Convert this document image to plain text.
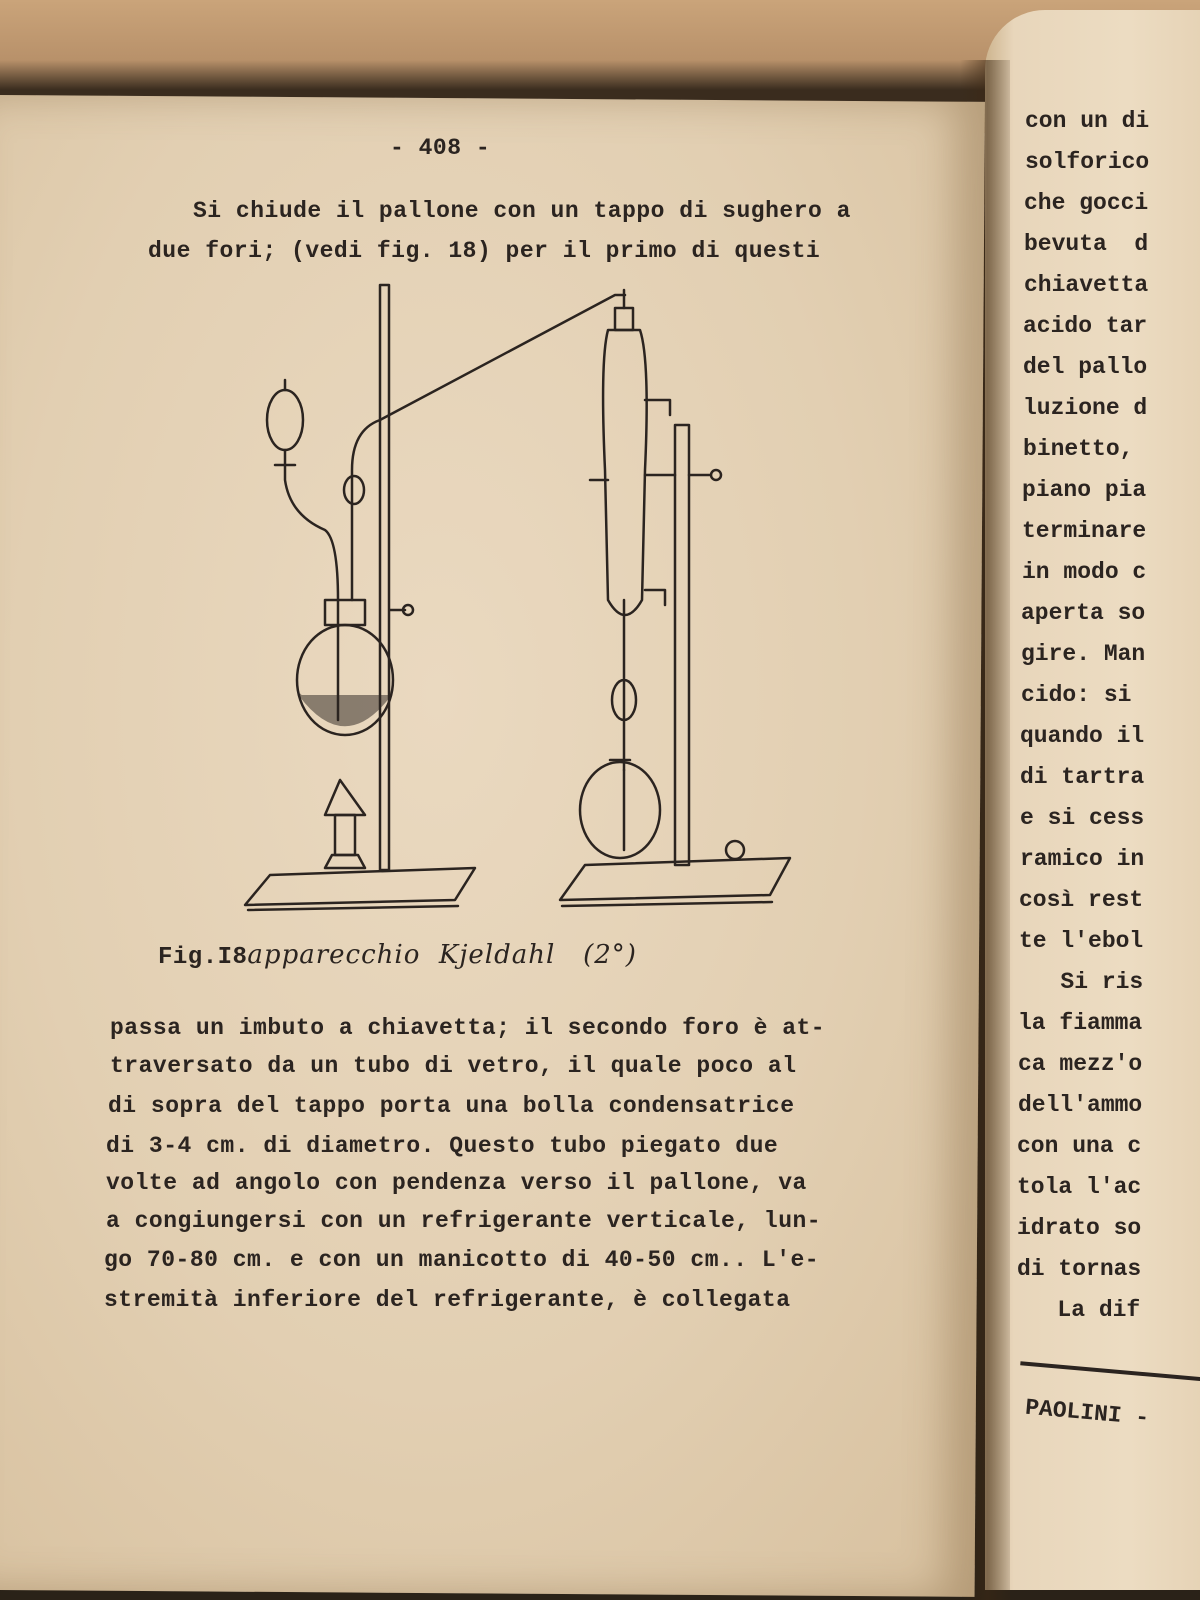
- 408 -
Si chiude il pallone con un tappo di sughero a
due fori; (vedi fig. 18) per il primo di questi
Fig.I8 apparecchio  Kjeldahl   (2°)
passa un imbuto a chiavetta; il secondo foro è at-
traversato da un tubo di vetro, il quale poco al
di sopra del tappo porta una bolla condensatrice
di 3-4 cm. di diametro. Questo tubo piegato due
volte ad angolo con pendenza verso il pallone, va
a congiungersi con un refrigerante verticale, lun-
go 70-80 cm. e con un manicotto di 40-50 cm.. L'e-
stremità inferiore del refrigerante, è collegata
con un di
solforico
che gocci
bevuta  d
chiavetta
acido tar
del pallo
luzione d
binetto,
piano pia
terminare
in modo c
aperta so
gire. Man
cido: si
quando il
di tartra
e si cess
ramico in
così rest
te l'ebol
Si ris
la fiamma
ca mezz'o
dell'ammo
con una c
tola l'ac
idrato so
di tornas
La dif
PAOLINI -
